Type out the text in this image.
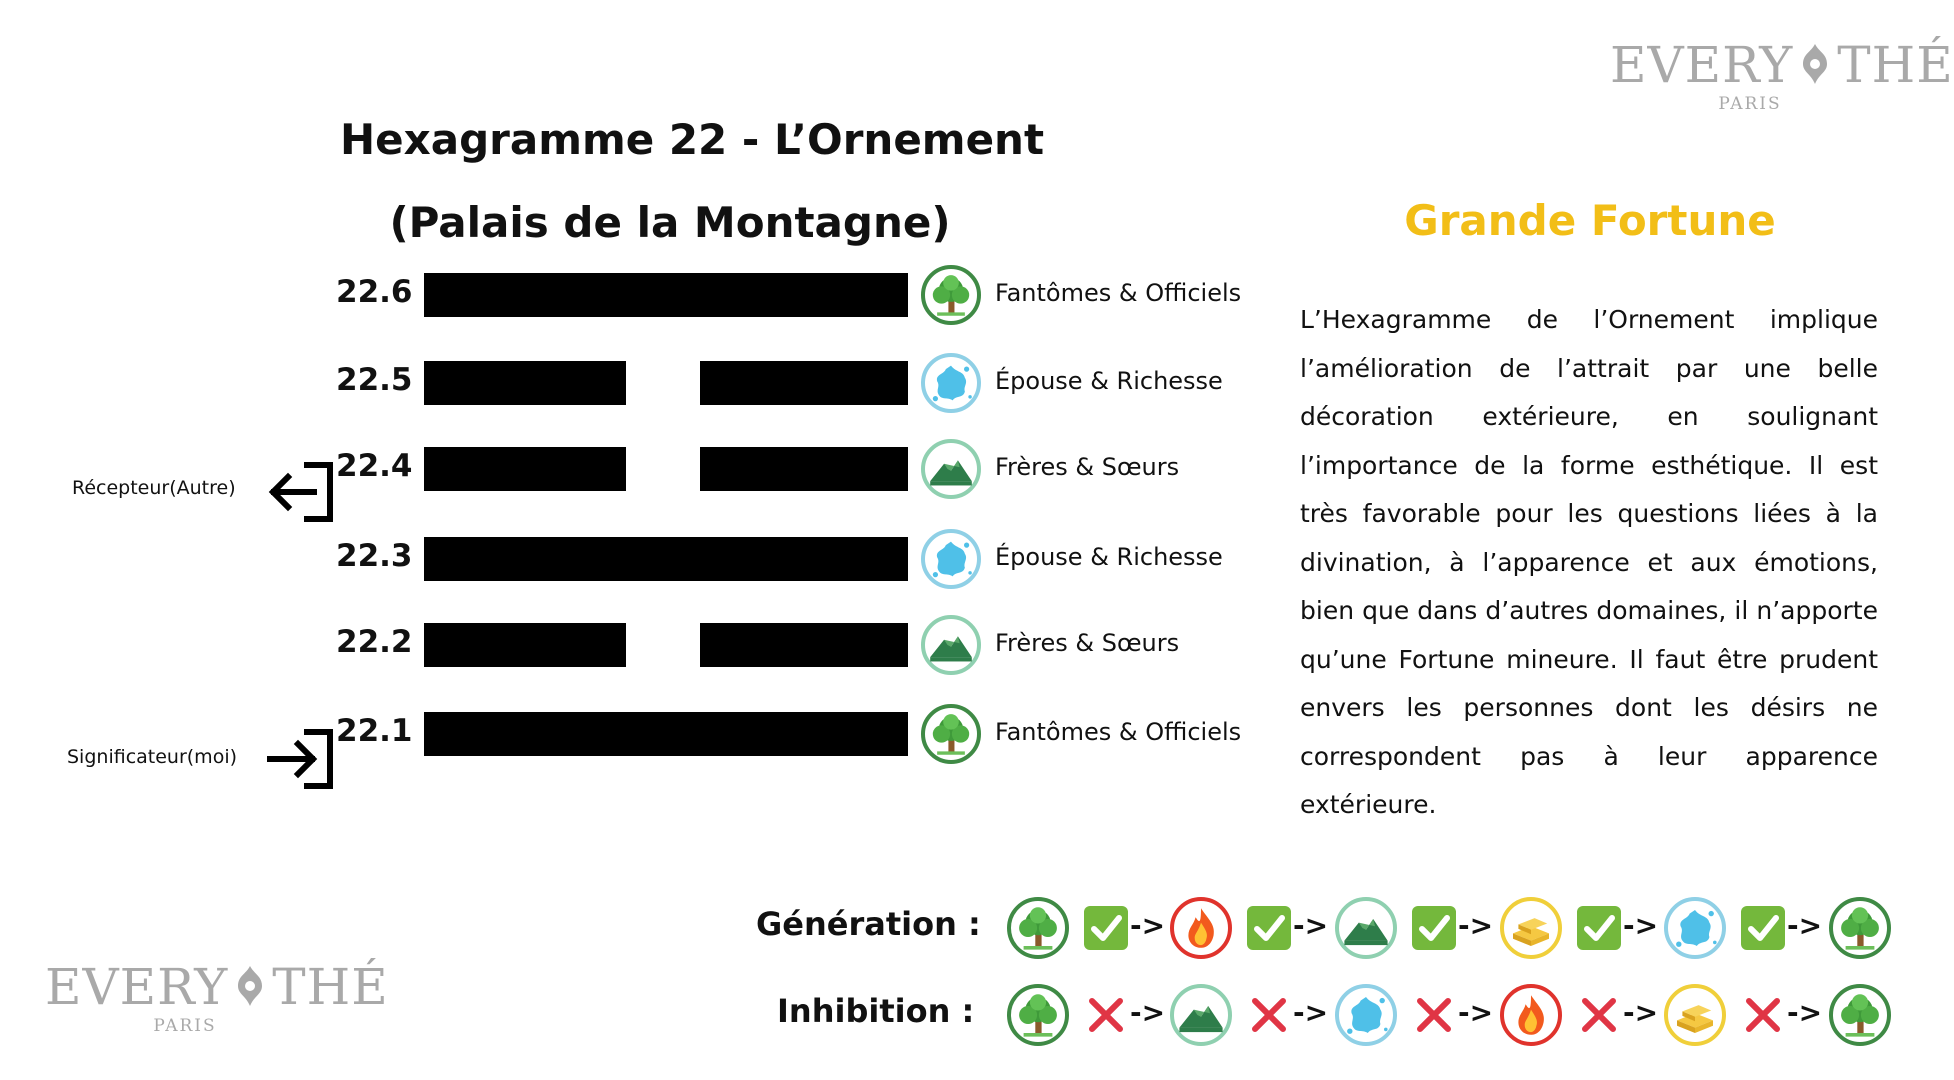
EVERY THÉ
PARIS
EVERY THÉ
PARIS
Hexagramme 22 - L’Ornement
(Palais de la Montagne)
22.6	Fantômes & Officiels
22.5	Épouse & Richesse
22.4	Frères & Sœurs
22.3	Épouse & Richesse
22.2	Frères & Sœurs
22.1	Fantômes & Officiels
Récepteur(Autre)
Significateur(moi)
Grande Fortune
L’Hexagramme de l’Ornement implique l’amélioration de l’attrait par une belle décoration extérieure, en soulignant l’importance de la forme esthétique. Il est très favorable pour les questions liées à la divination, à l’apparence et aux émotions, bien que dans d’autres domaines, il n’apporte qu’une Fortune mineure. Il faut être prudent envers les personnes dont les désirs ne correspondent pas à leur apparence extérieure.
Génération :
Inhibition :
->	->	->	->	->
->	->	->	->	->
